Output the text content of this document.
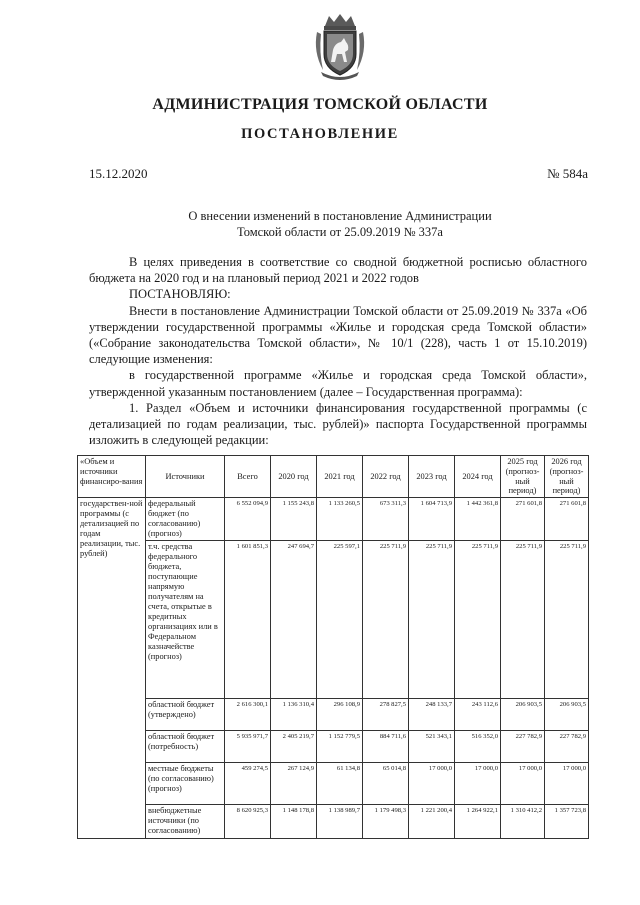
АДМИНИСТРАЦИЯ ТОМСКОЙ ОБЛАСТИ
ПОСТАНОВЛЕНИЕ
15.12.2020	№ 584а
О внесении изменений в постановление Администрации
Томской области от 25.09.2019 № 337а

В целях приведения в соответствие со сводной бюджетной росписью областного бюджета на 2020 год и на плановый период 2021 и 2022 годов

ПОСТАНОВЛЯЮ:

Внести в постановление Администрации Томской области от 25.09.2019 № 337а «Об утверждении государственной программы «Жилье и городская среда Томской области» («Собрание законодательства Томской области», № 10/1 (228), часть 1 от 15.10.2019) следующие изменения:

в государственной программе «Жилье и городская среда Томской области», утвержденной указанным постановлением (далее – Государственная программа):

1. Раздел «Объем и источники финансирования государственной программы (с детализацией по годам реализации, тыс. рублей)» паспорта Государственной программы изложить в следующей редакции:

«Объем и источники финансиро-вания	Источники	Всего	2020 год	2021 год	2022 год	2023 год	2024 год	2025 год (прогноз-ный период)	2026 год (прогноз-ный период)
государствен-ной программы (с детализацией по годам реализации, тыс. рублей)	федеральный бюджет (по согласованию) (прогноз)	6 552 094,9	1 155 243,8	1 133 260,5	673 311,3	1 604 713,9	1 442 361,8	271 601,8	271 601,8
	т.ч. средства федерального бюджета, поступающие напрямую получателям на счета, открытые в кредитных организациях или в Федеральном казначействе (прогноз)	1 601 851,3	247 694,7	225 597,1	225 711,9	225 711,9	225 711,9	225 711,9	225 711,9
	областной бюджет (утверждено)	2 616 300,1	1 136 310,4	296 108,9	278 827,5	248 133,7	243 112,6	206 903,5	206 903,5
	областной бюджет (потребность)	5 935 971,7	2 405 219,7	1 152 779,5	884 711,6	521 343,1	516 352,0	227 782,9	227 782,9
	местные бюджеты (по согласованию) (прогноз)	459 274,5	267 124,9	61 134,8	65 014,8	17 000,0	17 000,0	17 000,0	17 000,0
	внебюджетные источники (по согласованию)	8 620 925,3	1 148 178,8	1 138 989,7	1 179 498,3	1 221 200,4	1 264 922,1	1 310 412,2	1 357 723,8
